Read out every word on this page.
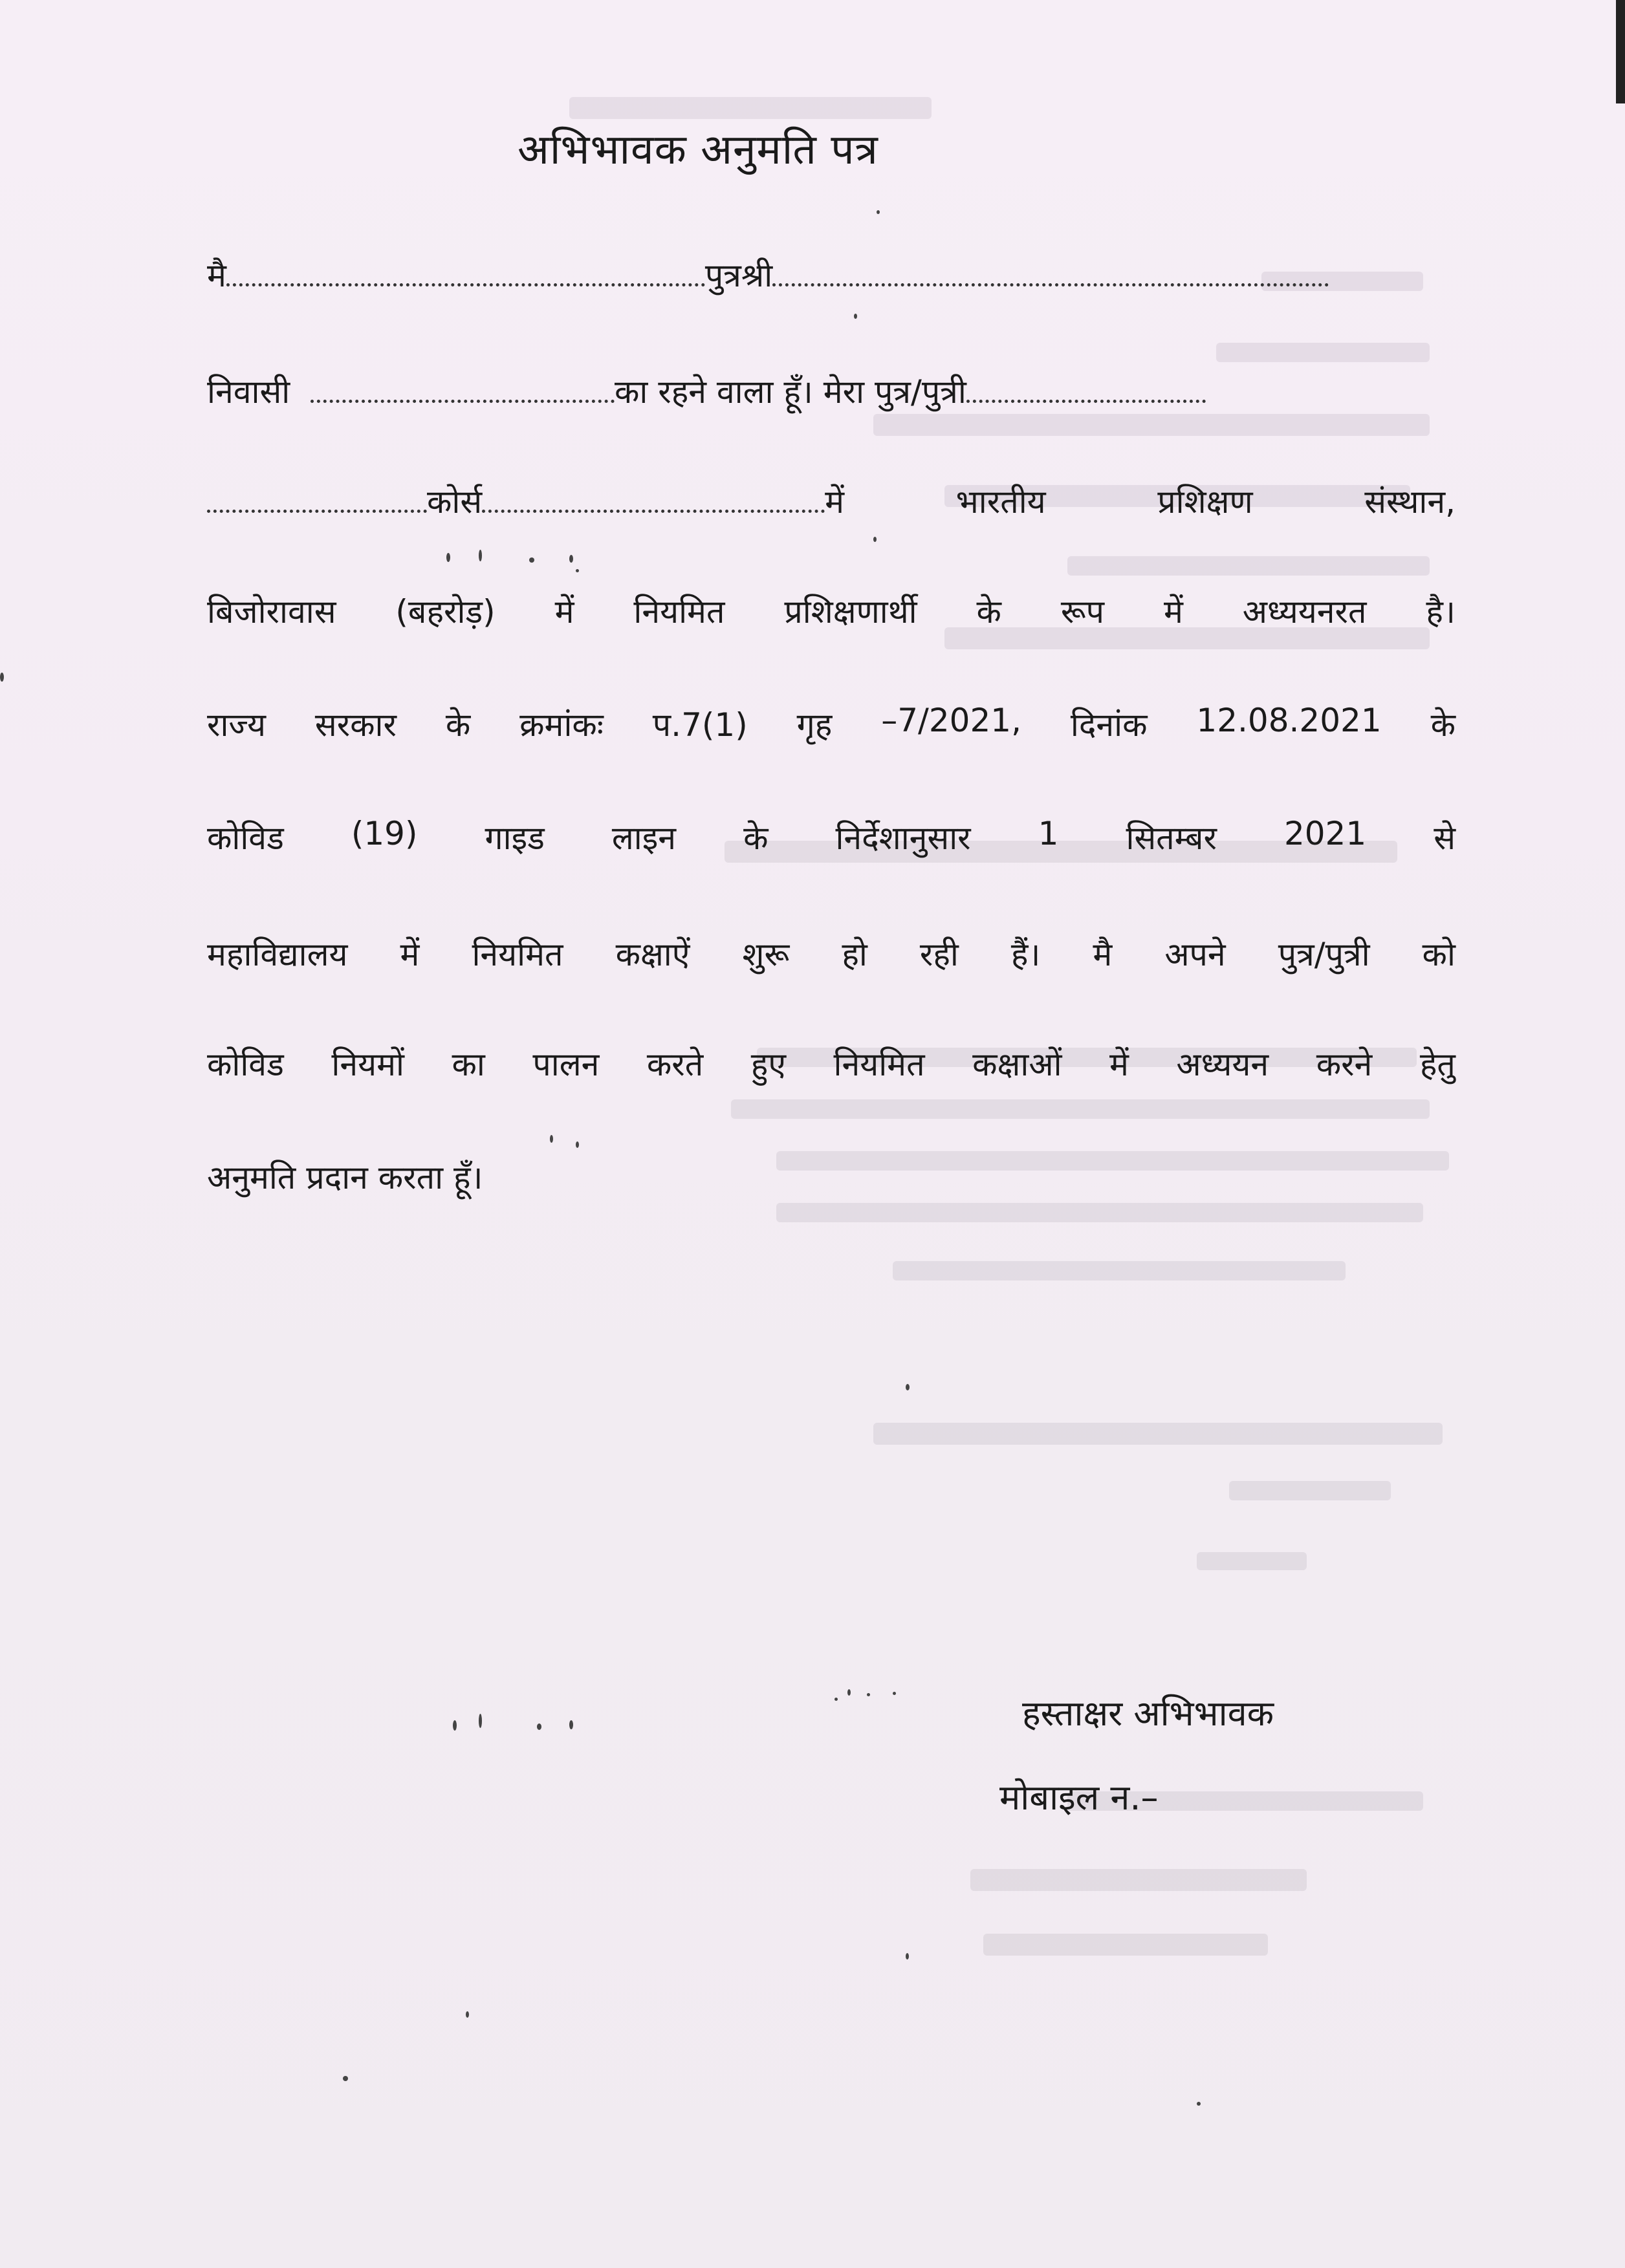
अभिभावक अनुमति पत्र
मै	पुत्रश्री
निवासी	का रहने वाला हूँ। मेरा पुत्र/पुत्री
कोर्स	में	भारतीय	प्रशिक्षण	संस्थान,
बिजोरावास (बहरोड़) में नियमित प्रशिक्षणार्थी के रूप में अध्ययनरत है।
राज्य सरकार के क्रमांकः प.7(1) गृह –7/2021, दिनांक 12.08.2021 के
कोविड (19) गाइड लाइन के निर्देशानुसार 1 सितम्बर 2021 से
महाविद्यालय में नियमित कक्षाऐं शुरू हो रही हैं। मै अपने पुत्र/पुत्री को
कोविड नियमों का पालन करते हुए नियमित कक्षाओं में अध्ययन करने हेतु
अनुमति प्रदान करता हूँ।
हस्ताक्षर अभिभावक
मोबाइल न.–
